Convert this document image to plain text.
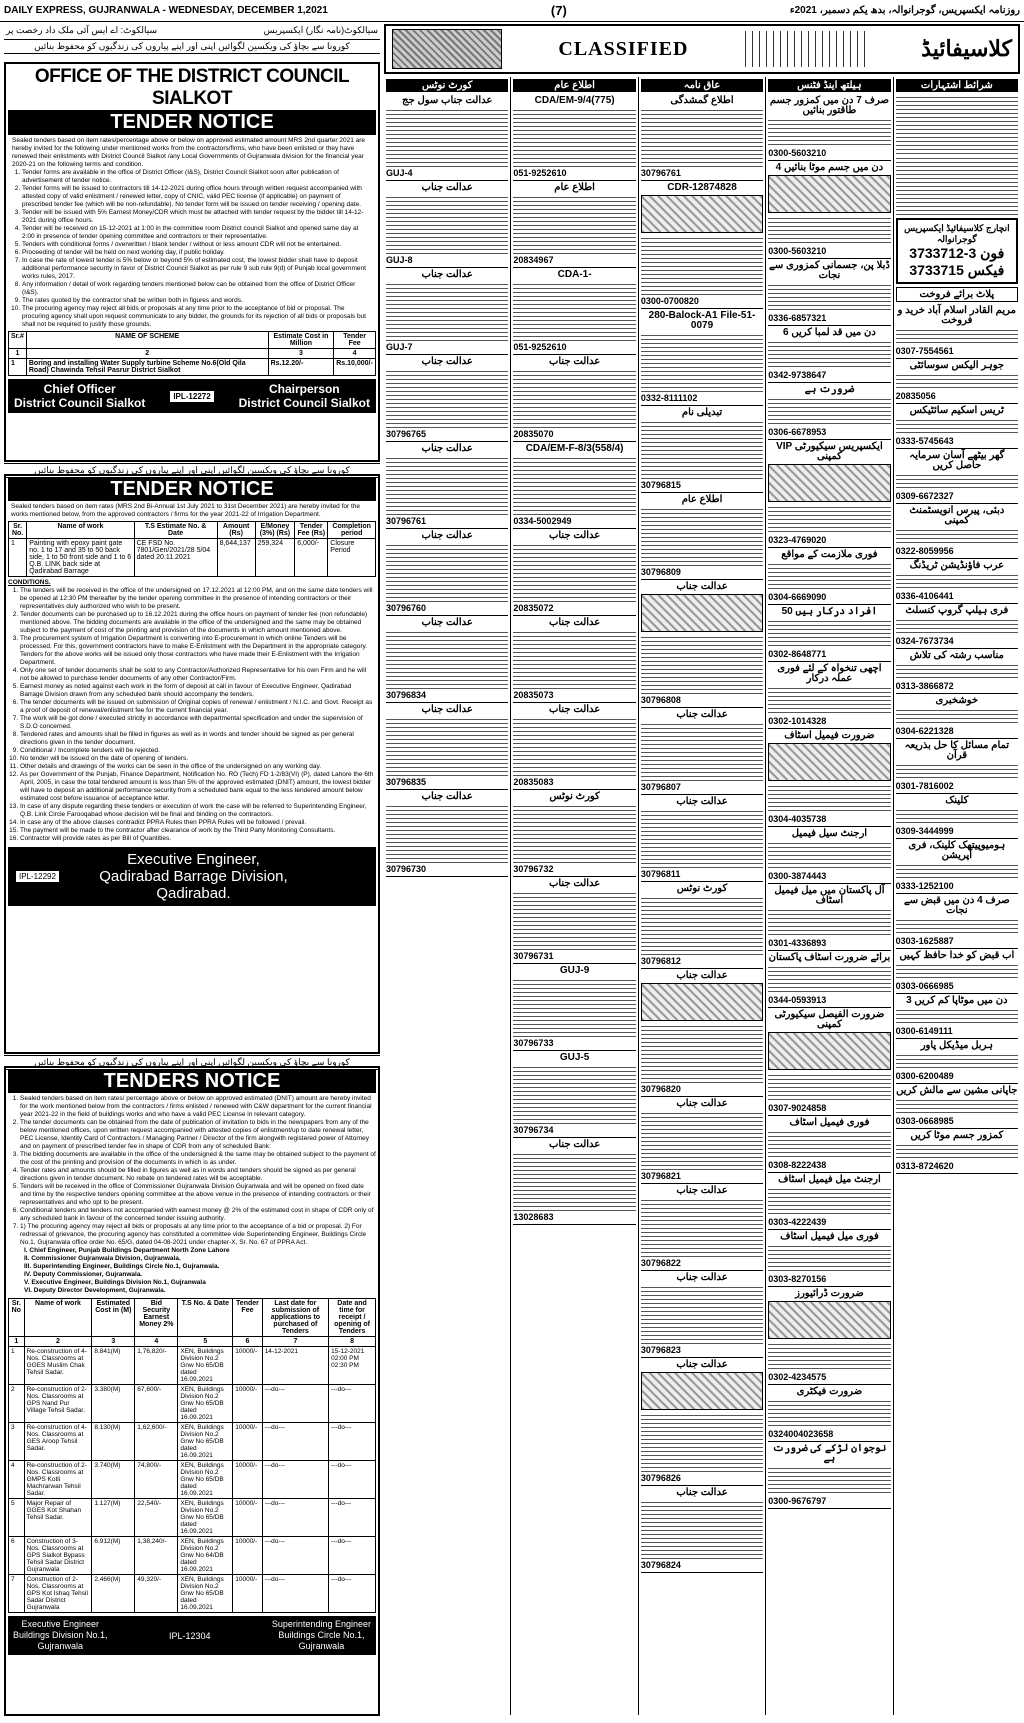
DAILY EXPRESS, GUJRANWALA - WEDNESDAY, DECEMBER 1,2021	(7)	روزنامہ ایکسپریس، گوجرانوالہ، بدھ یکم دسمبر، 2021ء
سیالکوٹ: اے ایس آئی ملک داد رخصت پر	سیالکوٹ(نامہ نگار) ایکسپریس
کورونا سے بچاؤ کی ویکسین لگوائیں اپنی اور اپنے پیاروں کی زندگیوں کو محفوظ بنائیں
OFFICE OF THE DISTRICT COUNCIL SIALKOT
TENDER NOTICE

Sealed tenders based on item rates/percentage above or below on approved estimated amount MRS 2nd quarter 2021 are hereby invited for the following under mentioned works from the contractors/firms, who have been enlisted or they have renewed their enlistments with District Council Sialkot /any Local Governments of Gujranwala division for the financial year 2020-21 on the following terms and condition.

1. Tender forms are available in the office of District Officer (I&S), District Council Sialkot soon after publication of advertisement of tender notice.
2. Tender forms will be issued to contractors till 14-12-2021 during office hours through written request accompanied with attested copy of valid enlistment / renewed letter, copy of CNIC, valid PEC license (if applicable) on payment of prescribed tender fee (which will be non-refundable). No tender form will be issued on tender receiving / opening date.
3. Tender will be issued with 5% Earnest Money/CDR which must be attached with tender request by the bidder till 14-12-2021 during office hours.
4. Tender will be received on 15-12-2021 at 1:00 in the committee room District council Sialkot and opened same day at 2:00 in presence of tender opening committee and contractors or their representative.
5. Tenders with conditional forms / overwritten / blank tender / without or less amount CDR will not be entertained.
6. Proceeding of tender will be held on next working day, if public holiday.
7. In case the rate of lowest tender is 5% below or beyond 5% of estimated cost, the lowest bidder shall have to deposit additional performance security in favor of District Council Sialkot as per rule 9 sub rule 9(d) of Punjab local government works rules, 2017.
8. Any information / detail of work regarding tenders mentioned below can be obtained from the office of District Officer (I&S).
9. The rates quoted by the contractor shall be written both in figures and words.
10. The procuring agency may reject all bids or proposals at any time prior to the acceptance of bid or proposal. The procuring agency shall upon request communicate to any bidder, the grounds for its rejection of all bids or proposals but shall not be required to justify those grounds.
Sr.#	NAME OF SCHEME	Estimate Cost in Million	Tender Fee
1	2	3	4
1	Boring and installing Water Supply turbine Scheme No.6(Old Qila Road) Chawinda Tehsil Pasrur District Sialkot	Rs.12.20/-	Rs.10,000/-
Chief Officer
District Council Sialkot	IPL-12272	Chairperson
District Council Sialkot
کورونا سے بچاؤ کی ویکسین لگوائیں اپنی اور اپنے پیاروں کی زندگیوں کو محفوظ بنائیں
TENDER NOTICE

Sealed tenders based on item rates (MRS 2nd Bi-Annual 1st July 2021 to 31st December 2021) are hereby invited for the works mentioned below, from the approved contractors / firms for the year 2021-22 of Irrigation Department.

Sr. No.	Name of work	T.S Estimate No. & Date	Amount (Rs)	E/Money (3%) (Rs)	Tender Fee (Rs)	Completion period
1	Painting with epoxy paint gate no. 1 to 17 and 35 to 50 back side, 1 to 50 front side and 1 to 6 Q.B. LINK back side at Qadirabad Barrage	CE FSD No. 7801/Gen/2021/28 5/04 dated 20.11.2021	8,644,137	259,324	6,000/-	Closure Period
CONDITIONS.
1. The tenders will be received in the office of the undersigned on 17.12.2021 at 12:00 PM, and on the same date tenders will be opened at 12:30 PM thereafter by the tender opening committee in the presence of intending contractors or their representatives duly authorized who wish to be present.
2. Tender documents can be purchased up to 16.12.2021 during the office hours on payment of tender fee (non refundable) mentioned above. The bidding documents are available in the office of the undersigned and the same may be obtained subject to the payment of cost of the printing and provision of the documents in which amount mentioned above.
3. The procurement system of Irrigation Department is converting into E-procurement in which online Tenders will be processed. For this, government contractors have to make E-Enlistment with the Department in the appropriate category. Tenders for the above works will be issued only those contractors who have made their E-Enlistment with the Irrigation Department.
4. Only one set of tender documents shall be sold to any Contractor/Authorized Representative for his own Firm and he will not be allowed to purchase tender documents of any other Contractor/Firm.
5. Earnest money as noted against each work in the form of deposit at call in favour of Executive Engineer, Qadirabad Barrage Division drawn from any scheduled bank should accompany the tenders.
6. The tender documents will be issued on submission of Original copies of renewal / enlistment / N.I.C. and Govt. Receipt as a proof of deposit of renewal/enlistment fee for the current financial year.
7. The work will be got done / executed strictly in accordance with departmental specification and under the supervision of S.D.O concerned.
8. Tendered rates and amounts shall be filled in figures as well as in words and tender should be signed as per general directions given in the tender document.
9. Conditional / Incomplete tenders will be rejected.
10. No tender will be issued on the date of opening of tenders.
11. Other details and drawings of the works can be seen in the office of the undersigned on any working day.
12. As per Government of the Punjab, Finance Department, Notification No. RO (Tech) FD 1-2/83(VI) (P), dated Lahore the 6th April, 2005, in case the total tendered amount is less than 5% of the approved estimated (DNIT) amount, the lowest bidder will have to deposit an additional performance security from a scheduled bank equal to the less tendered amount below estimated cost before issuance of acceptance letter.
13. In case of any dispute regarding these tenders or execution of work the case will be referred to Superintending Engineer, Q.B. Link Circle Farooqabad whose decision will be final and binding on the contractors.
14. In case any of the above clauses contradict PPRA Rules then PPRA Rules will be followed / prevail.
15. The payment will be made to the contractor after clearance of work by the Third Party Monitoring Consultants.
16. Contractor will provide rates as per Bill of Quantities.
IPL-12292
Executive Engineer,
Qadirabad Barrage Division,
Qadirabad.
کورونا سے بچاؤ کی ویکسین لگوائیں اپنی اور اپنے پیاروں کی زندگیوں کو محفوظ بنائیں
TENDERS NOTICE
1. Sealed tenders based on item rates/ percentage above or below on approved estimated (DNIT) amount are hereby invited for the work mentioned below from the contractors / firms enlisted / renewed with C&W department for the current financial year 2021-22 in the field of buildings works and who have a valid PEC License in relevant category.
2. The tender documents can be obtained from the date of publication of invitation to bids in the newspapers from any of the below mentioned offices, upon written request accompanied with attested copies of enlistment/up to date renewal letter, PEC License, Identity Card of Contractors / Managing Partner / Director of the firm alongwith registered power of Attorney and on payment of prescribed tender fee in shape of CDR from any of scheduled Bank:
3. The bidding documents are available in the office of the undersigned & the same may be obtained subject to the payment of the cost of the printing and provision of the documents in which is as under.
4. Tender rates and amounts should be filled in figures as well as in words and tenders should be signed as per general directions given in tender document. No rebate on tendered rates will be acceptable.
5. Tenders will be received in the office of Commissioner Gujranwala Division Gujranwala and will be opened on fixed date and time by the respective tenders opening committee at the above venue in the presence of intending contractors or their representatives and who opt to be present.
6. Conditional tenders and tenders not accompanied with earnest money @ 2% of the estimated cost in shape of CDR only of any scheduled bank in favour of the concerned tender issuing authority.
7. 1) The procuring agency may reject all bids or proposals at any time prior to the acceptance of a bid or proposal. 2) For redressal of grievance, the procuring agency has constituted a committee vide Superintending Engineer, Buildings Circle No.1, Gujranwala office order No. 65/G, dated 04-08-2021 under chapter-X, Sr. No. 67 of PPRA Act.
I. Chief Engineer, Punjab Buildings Department North Zone Lahore
II. Commissioner Gujranwala Division, Gujranwala.
III. Superintending Engineer, Buildings Circle No.1, Gujranwala.
IV. Deputy Commissioner, Gujranwala.
V. Executive Engineer, Buildings Division No.1, Gujranwala
VI. Deputy Director Development, Gujranwala.
Sr. No	Name of work	Estimated Cost in (M)	Bid Security Earnest Money 2%	T.S No. & Date	Tender Fee	Last date for submission of applications to purchased of Tenders	Date and time for receipt / opening of Tenders
1	2	3	4	5	6	7	8
1	Re-construction of 4-Nos. Classrooms at GGES Muslim Chak Tehsil Sadar.	8.841(M)	1,76,820/-	XEN, Buildings Division No.2 Gnw No 65/DB dated 16.09.2021	10000/-	14-12-2021	15-12-2021 02:00 PM 02:30 PM
2	Re-construction of 2-Nos. Classrooms at GPS Nand Pur Village Tehsil Sadar.	3.380(M)	67,600/-	XEN, Buildings Division No.2 Gnw No 65/DB dated 16.09.2021	10000/-	---do---	---do---
3	Re-construction of 4-Nos. Classrooms at GES Aroop Tehsil Sadar.	8.130(M)	1,62,600/-	XEN, Buildings Division No.2 Gnw No 65/DB dated 16.09.2021	10000/-	---do---	---do---
4	Re-construction of 2-Nos. Classrooms at GMPS Kotli Machrarwan Tehsil Sadar.	3.740(M)	74,800/-	XEN, Buildings Division No.2 Gnw No 65/DB dated 16.09.2021	10000/-	---do---	---do---
5	Major Repair of GGES Kot Shahan Tehsil Sadar.	1.127(M)	22,540/-	XEN, Buildings Division No.2 Gnw No 65/DB dated 16.09.2021	10000/-	---do---	---do---
6	Construction of 3-Nos. Classrooms at GPS Sialkot Bypass Tehsil Sadar District Gujranwala	6.912(M)	1,38,240/-	XEN, Buildings Division No.2 Gnw No 64/DB dated 16.09.2021	10000/-	---do---	---do---
7	Construction of 2-Nos. Classrooms at GPS Kot Ishaq Tehsil Sadar District Gujranwala	2.466(M)	49,320/-	XEN, Buildings Division No.2 Gnw No 65/DB dated 16.09.2021	10000/-	---do---	---do---
Executive Engineer
Buildings Division No.1,
Gujranwala
IPL-12304
Superintending Engineer
Buildings Circle No.1,
Gujranwala
CLASSIFIED	کلاسیفائیڈ
کورٹ نوٹس
عدالت جناب سول جج
GUJ-4
عدالت جناب
GUJ-8
عدالت جناب
GUJ-7
عدالت جناب
30796765
عدالت جناب
30796761
عدالت جناب
30796760
عدالت جناب
30796834
عدالت جناب
30796835
عدالت جناب
30796730
اطلاع عام
CDA/EM-9/4(775)
051-9252610
اطلاع عام
20834967
CDA-1-
051-9252610
عدالت جناب
20835070
CDA/EM-F-8/3(558/4)
0334-5002949
عدالت جناب
20835072
عدالت جناب
20835073
عدالت جناب
20835083
کورٹ نوٹس
30796732
عدالت جناب
30796731
GUJ-9
30796733
GUJ-5
30796734
عدالت جناب
13028683
عاق نامہ
اطلاع گمشدگی
30796761
CDR-12874828
0300-0700820
280-Balock-A1 File-51-0079
0332-8111102
تبدیلی نام
30796815
اطلاع عام
30796809
عدالت جناب
30796808
عدالت جناب
30796807
عدالت جناب
30796811
کورٹ نوٹس
30796812
عدالت جناب
30796820
عدالت جناب
30796821
عدالت جناب
30796822
عدالت جناب
30796823
عدالت جناب
30796826
عدالت جناب
30796824
ہیلتھ اینڈ فٹنس
صرف 7 دن میں کمزور جسم طاقتور بنائیں
0300-5603210
4 دن میں جسم موٹا بنائیں
0300-5603210
ڈبلا پن، جسمانی کمزوری سے نجات
0336-6857321
6 دن میں قد لمبا کریں
0342-9738647
ضرورت ہے
0306-6678953
VIP ایکسپریس سیکیورٹی کمپنی
0323-4769020
فوری ملازمت کے مواقع
0304-6669090
50 افراد درکار ہیں
0302-8648771
اچھی تنخواہ کے لئے فوری عملہ درکار
0302-1014328
ضرورت فیمیل اسٹاف
0304-4035738
ارجنٹ سیل فیمیل
0300-3874443
آل پاکستان میں میل فیمیل اسٹاف
0301-4336893
برائے ضرورت اسٹاف پاکستان
0344-0593913
ضرورت الفیصل سیکیورٹی کمپنی
0307-9024858
فوری فیمیل اسٹاف
0308-8222438
ارجنٹ میل فیمیل اسٹاف
0303-4222439
فوری میل فیمیل اسٹاف
0303-8270156
ضرورت ڈرائیورز
0302-4234575
ضرورت فیکٹری
0324004023658
نوجوان لڑکے کی ضرورت ہے
0300-9676797
شرائط اشتہارات
انچارج کلاسیفائیڈ ایکسپریس گوجرانوالہ
فون 3-3733712
فیکس 3733715
پلاٹ برائے فروخت
مریم القادر اسلام آباد خرید و فروخت
0307-7554561
جوہر الیکس سوسائٹی
20835056
ٹریس اسکیم سائٹیکس
0333-5745643
گھر بیٹھے آسان سرمایہ حاصل کریں
0309-6672327
دبئی، پیرس انویسٹمنٹ کمپنی
0322-8059956
عرب فاؤنڈیشن ٹریڈنگ
0336-4106441
فری ہیلپ گروپ کنسلٹ
0324-7673734
مناسب رشتہ کی تلاش
0313-3866872
خوشخبری
0304-6221328
تمام مسائل کا حل بذریعہ قرآن
0301-7816002
کلینک
0309-3444999
ہومیوپیتھک کلینک، فری آپریشن
0333-1252100
صرف 4 دن میں قبض سے نجات
0303-1625887
اب قبض کو خدا حافظ کہیں
0303-0666985
3 دن میں موٹاپا کم کریں
0300-6149111
ہربل میڈیکل پاور
0300-6200489
جاپانی مشین سے مالش کریں
0303-0668985
کمزور جسم موٹا کریں
0313-8724620
